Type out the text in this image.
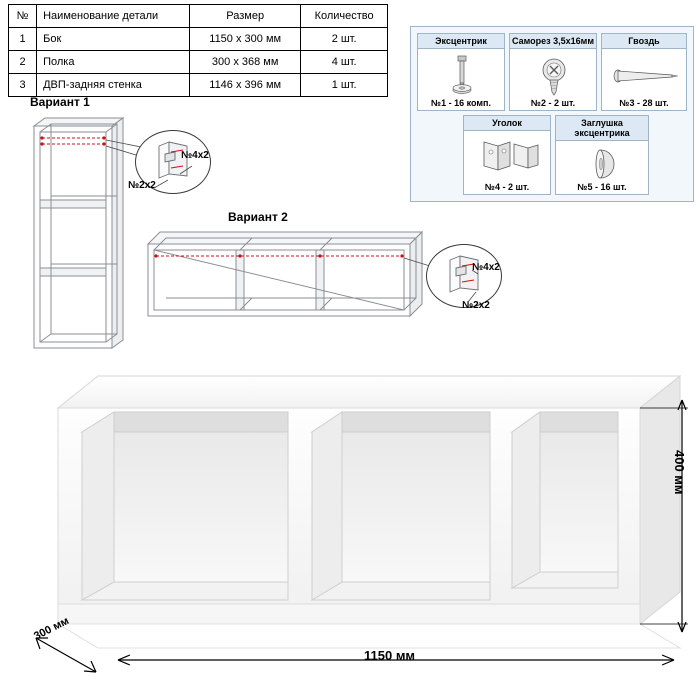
№	Наименование детали	Размер	Количество
1	Бок	1150 x 300 мм	2 шт.
2	Полка	300 x 368 мм	4 шт.
3	ДВП-задняя стенка	1146 x 396 мм	1 шт.
Эксцентрик
№1 - 16 комп.
Саморез 3,5х16мм
№2 - 2 шт.
Гвоздь
№3 - 28 шт.
Уголок
№4 - 2 шт.
Заглушка эксцентрика
№5 - 16 шт.
Вариант 1
№4х2
№2х2
Вариант 2
№4х2
№2х2
400 мм
1150 мм
300 мм
